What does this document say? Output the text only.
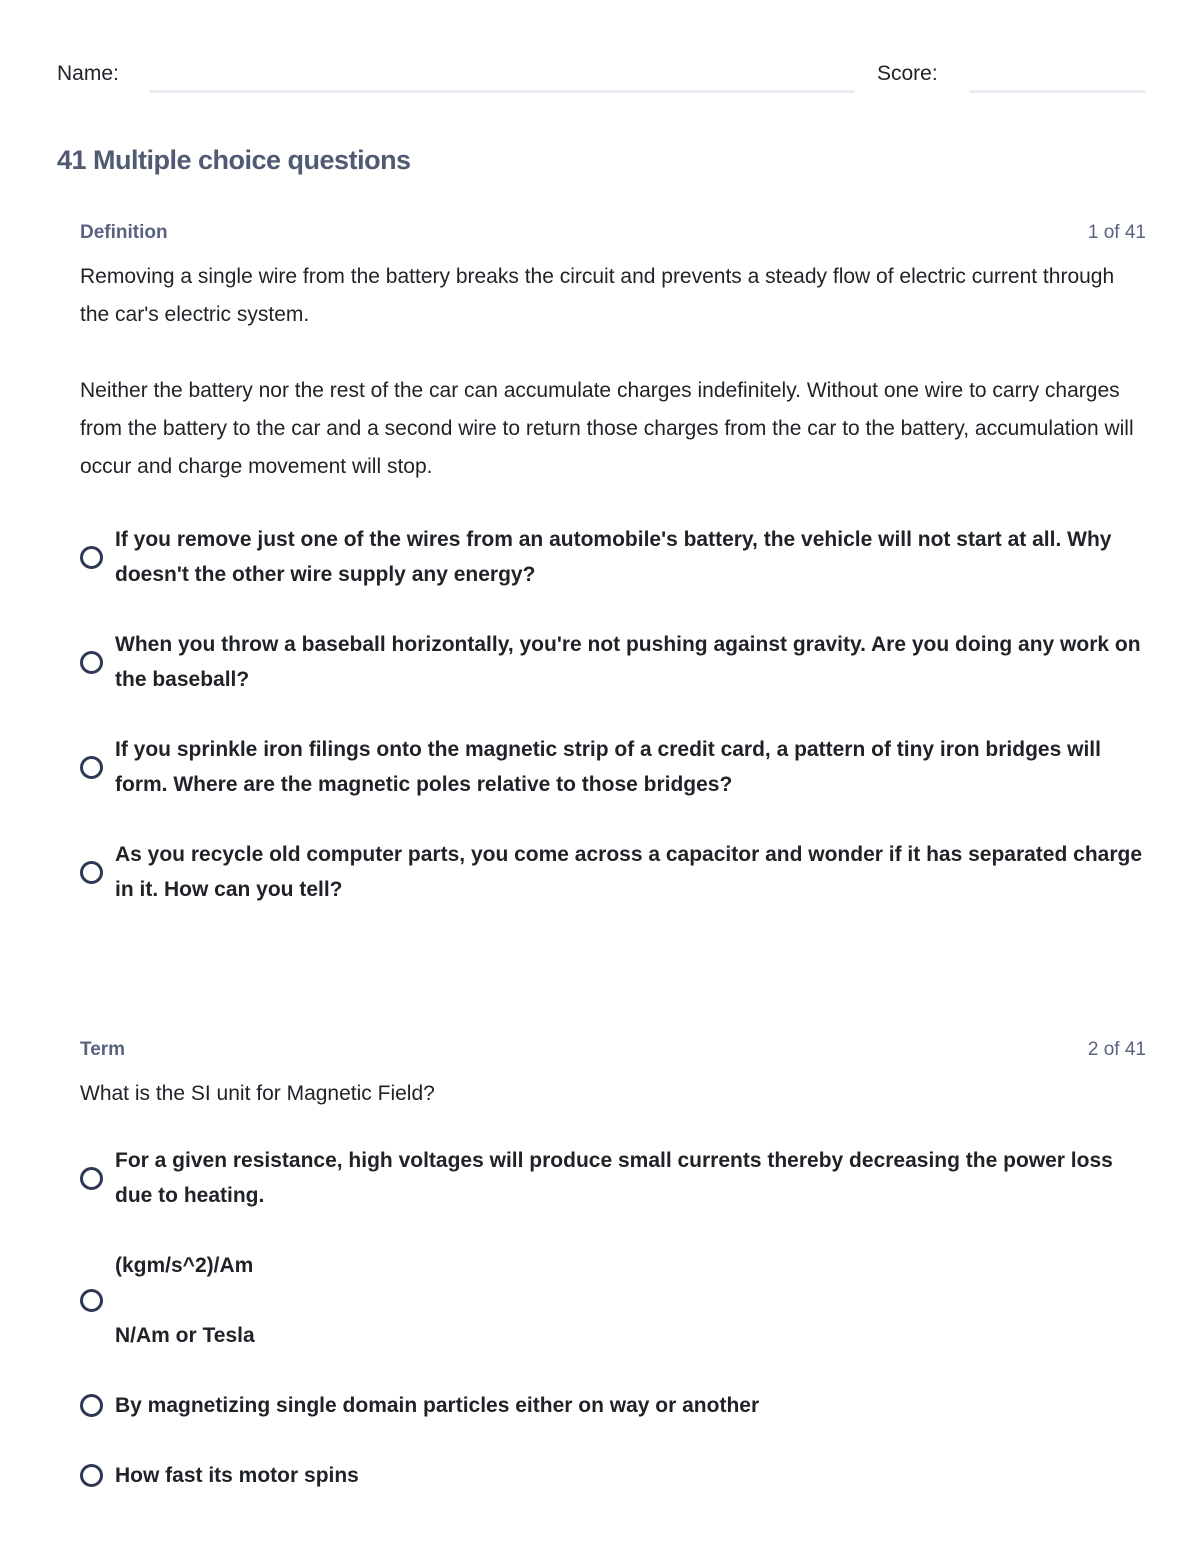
Name:	Score:
41 Multiple choice questions
Definition	1 of 41

Removing a single wire from the battery breaks the circuit and prevents a steady flow of electric current through the car's electric system.

Neither the battery nor the rest of the car can accumulate charges indefinitely. Without one wire to carry charges from the battery to the car and a second wire to return those charges from the car to the battery, accumulation will occur and charge movement will stop.

If you remove just one of the wires from an automobile's battery, the vehicle will not start at all. Why
doesn't the other wire supply any energy?
When you throw a baseball horizontally, you're not pushing against gravity. Are you doing any work on the baseball?
If you sprinkle iron filings onto the magnetic strip of a credit card, a pattern of tiny iron bridges will
form. Where are the magnetic poles relative to those bridges?
As you recycle old computer parts, you come across a capacitor and wonder if it has separated charge
in it. How can you tell?
Term	2 of 41

What is the SI unit for Magnetic Field?

For a given resistance, high voltages will produce small currents thereby decreasing the power loss due to heating.
(kgm/s^2)/Am
N/Am or Tesla
By magnetizing single domain particles either on way or another
How fast its motor spins
